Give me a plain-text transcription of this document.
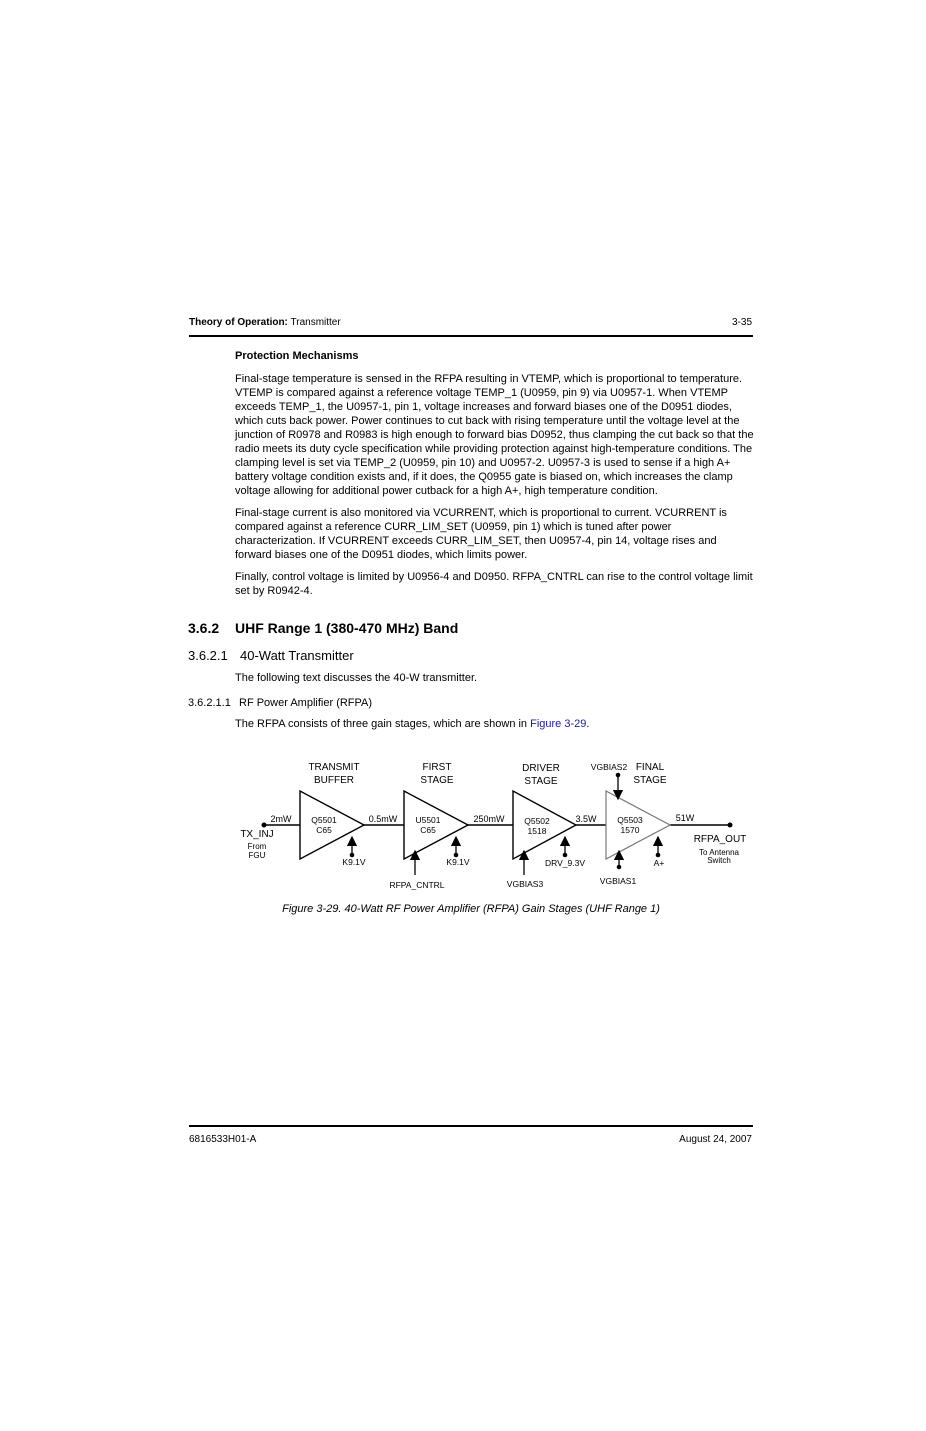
Theory of Operation: Transmitter	3-35
Protection Mechanisms

Final-stage temperature is sensed in the RFPA resulting in VTEMP, which is proportional to temperature. VTEMP is compared against a reference voltage TEMP_1 (U0959, pin 9) via U0957-1. When VTEMP exceeds TEMP_1, the U0957-1, pin 1, voltage increases and forward biases one of the D0951 diodes, which cuts back power. Power continues to cut back with rising temperature until the voltage level at the junction of R0978 and R0983 is high enough to forward bias D0952, thus clamping the cut back so that the radio meets its duty cycle specification while providing protection against high-temperature conditions. The clamping level is set via TEMP_2 (U0959, pin 10) and U0957-2. U0957-3 is used to sense if a high A+ battery voltage condition exists and, if it does, the Q0955 gate is biased on, which increases the clamp voltage allowing for additional power cutback for a high A+, high temperature condition.

Final-stage current is also monitored via VCURRENT, which is proportional to current. VCURRENT is compared against a reference CURR_LIM_SET (U0959, pin 1) which is tuned after power characterization. If VCURRENT exceeds CURR_LIM_SET, then U0957-4, pin 14, voltage rises and forward biases one of the D0951 diodes, which limits power.

Finally, control voltage is limited by U0956-4 and D0950. RFPA_CNTRL can rise to the control voltage limit set by R0942-4.

3.6.2 UHF Range 1 (380-470 MHz) Band
3.6.2.1 40-Watt Transmitter
The following text discusses the 40-W transmitter.
3.6.2.1.1 RF Power Amplifier (RFPA)
The RFPA consists of three gain stages, which are shown in Figure 3-29.
TRANSMIT
BUFFER
FIRST
STAGE
DRIVER
STAGE
FINAL
STAGE
VGBIAS2
Q5501
C65
U5501
C65
Q5502
1518
Q5503
1570
2mW	0.5mW	250mW	3.5W	51W
K9.1V
RFPA_CNTRL
K9.1V
VGBIAS3
DRV_9.3V
VGBIAS1
A+
TX_INJ
From
FGU
RFPA_OUT
To Antenna
Switch
Figure 3-29. 40-Watt RF Power Amplifier (RFPA) Gain Stages (UHF Range 1)
6816533H01-A	August 24, 2007
